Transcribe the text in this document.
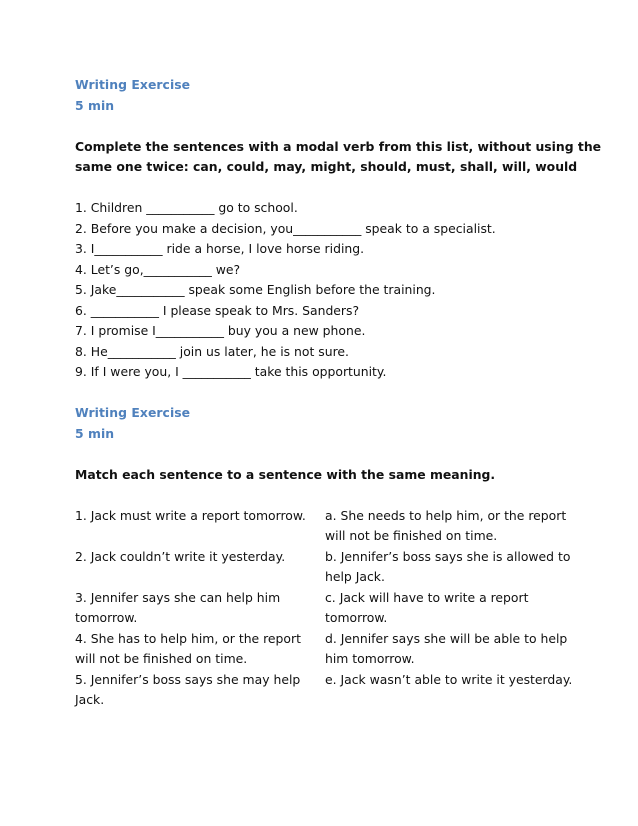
Writing Exercise
5 min
Complete the sentences with a modal verb from this list, without using the
same one twice: can, could, may, might, should, must, shall, will, would
1. Children ___________ go to school.
2. Before you make a decision, you___________ speak to a specialist.
3. I___________ ride a horse, I love horse riding.
4. Let’s go,___________ we?
5. Jake___________ speak some English before the training.
6. ___________ I please speak to Mrs. Sanders?
7. I promise I___________ buy you a new phone.
8. He___________ join us later, he is not sure.
9. If I were you, I ___________ take this opportunity.
Writing Exercise
5 min
Match each sentence to a sentence with the same meaning.
1. Jack must write a report tomorrow.	a. She needs to help him, or the report will not be finished on time.
2. Jack couldn’t write it yesterday.	b. Jennifer’s boss says she is allowed to help Jack.
3. Jennifer says she can help him tomorrow.
c. Jack will have to write a report tomorrow.
4. She has to help him, or the report will not be finished on time.
d. Jennifer says she will be able to help him tomorrow.
5. Jennifer’s boss says she may help Jack.
e. Jack wasn’t able to write it yesterday.
